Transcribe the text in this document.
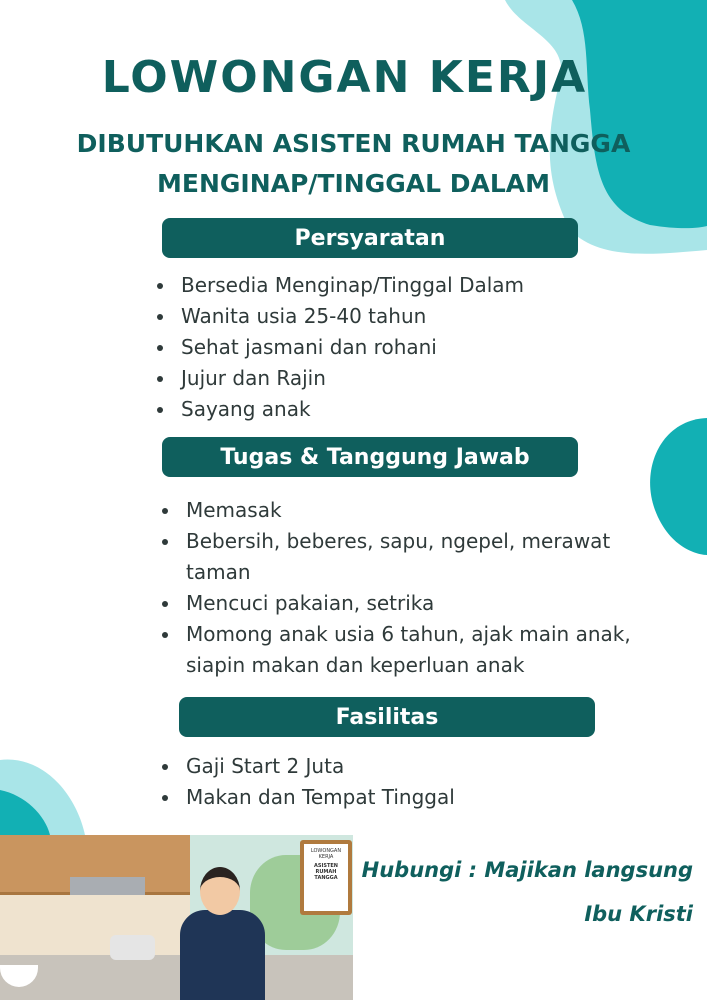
LOWONGAN KERJA
DIBUTUHKAN ASISTEN RUMAH TANGGA
MENGINAP/TINGGAL DALAM
Persyaratan
Bersedia Menginap/Tinggal Dalam
Wanita usia 25-40 tahun
Sehat jasmani dan rohani
Jujur dan Rajin
Sayang anak
Tugas & Tanggung Jawab
Memasak
Bebersih, beberes, sapu, ngepel, merawat taman
Mencuci pakaian, setrika
Momong anak usia 6 tahun, ajak main anak, siapin makan dan keperluan anak
Fasilitas
Gaji Start 2 Juta
Makan dan Tempat Tinggal
LOWONGAN KERJA
ASISTEN RUMAH TANGGA	Hubungi : Majikan langsung
Ibu Kristi
